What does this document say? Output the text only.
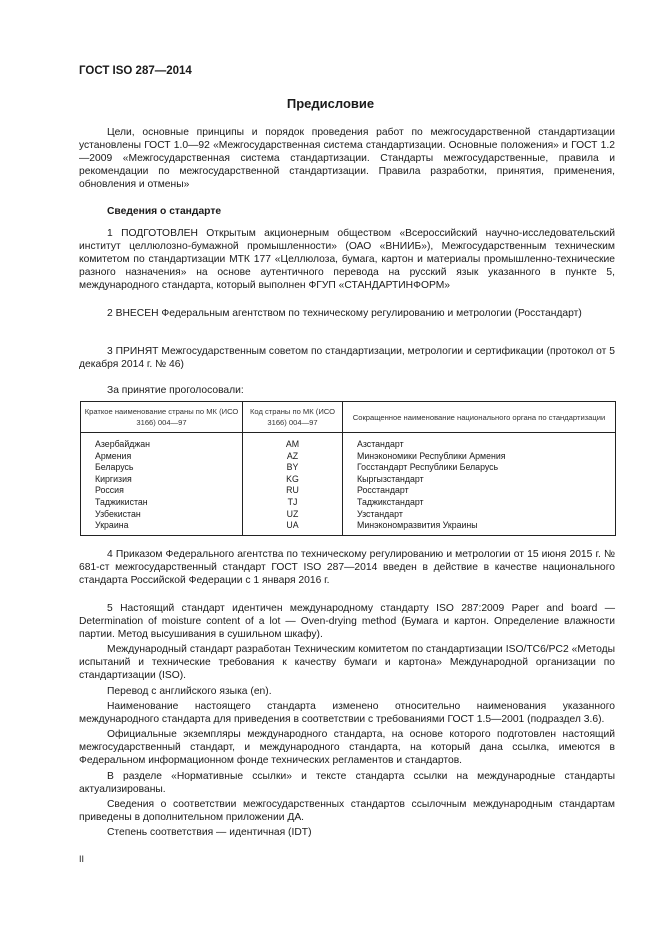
ГОСТ ISO 287—2014
Предисловие

Цели, основные принципы и порядок проведения работ по межгосударственной стандартизации установлены ГОСТ 1.0—92 «Межгосударственная система стандартизации. Основные положения» и ГОСТ 1.2—2009 «Межгосударственная система стандартизации. Стандарты межгосударственные, правила и рекомендации по межгосударственной стандартизации. Правила разработки, принятия, применения, обновления и отмены»

Сведения о стандарте

1 ПОДГОТОВЛЕН Открытым акционерным обществом «Всероссийский научно-исследовательский институт целлюлозно-бумажной промышленности» (ОАО «ВНИИБ»), Межгосударственным техническим комитетом по стандартизации МТК 177 «Целлюлоза, бумага, картон и материалы промышленно-технические разного назначения» на основе аутентичного перевода на русский язык указанного в пункте 5, международного стандарта, который выполнен ФГУП «СТАНДАРТИНФОРМ»

2 ВНЕСЕН Федеральным агентством по техническому регулированию и метрологии (Росстандарт)

3 ПРИНЯТ Межгосударственным советом по стандартизации, метрологии и сертификации (протокол от 5 декабря 2014 г. № 46)

За принятие проголосовали:
Краткое наименование страны по МК (ИСО 3166) 004—97	Код страны по МК (ИСО 3166) 004—97	Сокращенное наименование национального органа по стандартизации
Азербайджан	AM	Азстандарт
Армения	AZ	Минэкономики Республики Армения
Беларусь	BY	Госстандарт Республики Беларусь
Киргизия	KG	Кыргызстандарт
Россия	RU	Росстандарт
Таджикистан	TJ	Таджикстандарт
Узбекистан	UZ	Узстандарт
Украина	UA	Минэкономразвития Украины

4 Приказом Федерального агентства по техническому регулированию и метрологии от 15 июня 2015 г. № 681-ст межгосударственный стандарт ГОСТ ISO 287—2014 введен в действие в качестве национального стандарта Российской Федерации с 1 января 2016 г.

5 Настоящий стандарт идентичен международному стандарту ISO 287:2009 Paper and board — Determination of moisture content of a lot — Oven-drying method (Бумага и картон. Определение влажности партии. Метод высушивания в сушильном шкафу).

Международный стандарт разработан Техническим комитетом по стандартизации ISO/TC6/PC2 «Методы испытаний и технические требования к качеству бумаги и картона» Международной организации по стандартизации (ISO).

Перевод с английского языка (en).

Наименование настоящего стандарта изменено относительно наименования указанного международного стандарта для приведения в соответствии с требованиями ГОСТ 1.5—2001 (подраздел 3.6).

Официальные экземпляры международного стандарта, на основе которого подготовлен настоящий межгосударственный стандарт, и международного стандарта, на который дана ссылка, имеются в Федеральном информационном фонде технических регламентов и стандартов.

В разделе «Нормативные ссылки» и тексте стандарта ссылки на международные стандарты актуализированы.

Сведения о соответствии межгосударственных стандартов ссылочным международным стандартам приведены в дополнительном приложении ДА.

Степень соответствия — идентичная (IDT)

II
